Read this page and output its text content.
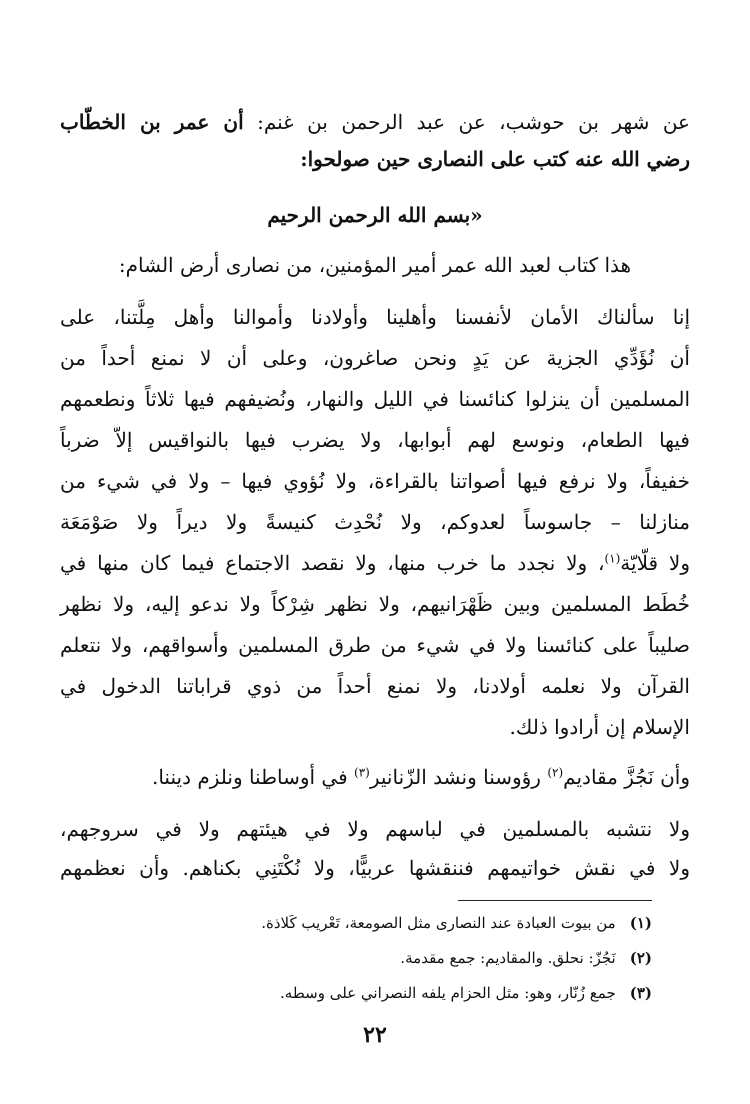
عن شهر بن حوشب، عن عبد الرحمن بن غنم: أن عمر بن الخطّاب
رضي الله عنه كتب على النصارى حين صولحوا:
«بسم الله الرحمن الرحيم
هذا كتاب لعبد الله عمر أمير المؤمنين، من نصارى أرض الشام:
إنا سألناك الأمان لأنفسنا وأهلينا وأولادنا وأموالنا وأهل مِلَّتنا، على
أن نُؤَدِّي الجزية عن يَدٍ ونحن صاغرون، وعلى أن لا نمنع أحداً من
المسلمين أن ينزلوا كنائسنا في الليل والنهار، ونُضيفهم فيها ثلاثاً ونطعمهم
فيها الطعام، ونوسع لهم أبوابها، ولا يضرب فيها بالنواقيس إلاّ ضرباً
خفيفاً، ولا نرفع فيها أصواتنا بالقراءة، ولا نُؤوي فيها – ولا في شيء من
منازلنا – جاسوساً لعدوكم، ولا نُحْدِث كنيسةً ولا ديراً ولا صَوْمَعَة
ولا قلّايّة$^{(١)}$، ولا نجدد ما خرب منها، ولا نقصد الاجتماع فيما كان منها في
خُطَط المسلمين وبين ظَهْرَانيهم، ولا نظهر شِرْكاً ولا ندعو إليه، ولا نظهر
صليباً على كنائسنا ولا في شيء من طرق المسلمين وأسواقهم، ولا نتعلم
القرآن ولا نعلمه أولادنا، ولا نمنع أحداً من ذوي قراباتنا الدخول في
الإسلام إن أرادوا ذلك.
وأن نَجُزَّ مقاديم$^{(٢)}$ رؤوسنا ونشد الزّنانير$^{(٣)}$ في أوساطنا ونلزم ديننا.
ولا نتشبه بالمسلمين في لباسهم ولا في هيئتهم ولا في سروجهم،
ولا في نقش خواتيمهم فننقشها عربيًّا، ولا نُكْتَنِي بكناهم. وأن نعظمهم
(١)من بيوت العبادة عند النصارى مثل الصومعة، تَعْريب كَلاذة.
(٢)نَجُزّ: نحلق. والمقاديم: جمع مقدمة.
(٣)جمع زُنّار، وهو: مثل الحزام يلفه النصراني على وسطه.
٢٢
